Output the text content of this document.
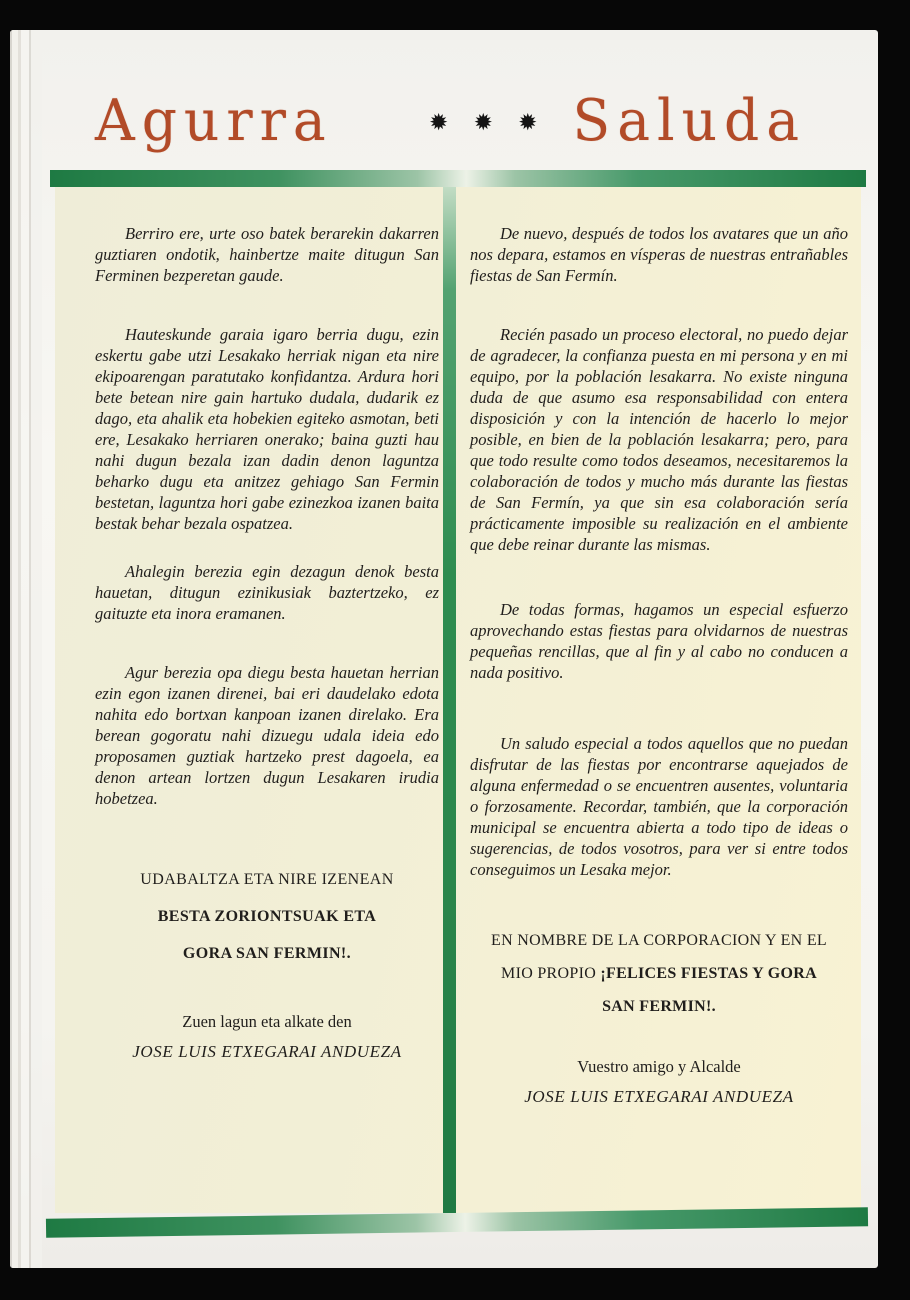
Agurra	✹ ✹ ✹ Saluda

Berriro ere, urte oso batek berarekin dakarren guztiaren ondotik, hainbertze maite ditugun San Ferminen bezperetan gaude.

Hauteskunde garaia igaro berria dugu, ezin eskertu gabe utzi Lesakako herriak nigan eta nire ekipoarengan paratutako konfidantza. Ardura hori bete betean nire gain hartuko dudala, dudarik ez dago, eta ahalik eta hobekien egiteko asmotan, beti ere, Lesakako herriaren onerako; baina guzti hau nahi dugun bezala izan dadin denon laguntza beharko dugu eta anitzez gehiago San Fermin bestetan, laguntza hori gabe ezinezkoa izanen baita bestak behar bezala ospatzea.

Ahalegin berezia egin dezagun denok besta hauetan, ditugun ezinikusiak baztertzeko, ez gaituzte eta inora eramanen.

Agur berezia opa diegu besta hauetan herrian ezin egon izanen direnei, bai eri daudelako edota nahita edo bortxan kanpoan izanen direlako. Era berean gogoratu nahi dizuegu udala ideia edo proposamen guztiak hartzeko prest dagoela, ea denon artean lortzen dugun Lesakaren irudia hobetzea.

UDABALTZA ETA NIRE IZENEAN
BESTA ZORIONTSUAK ETA
GORA SAN FERMIN!.
Zuen lagun eta alkate den
JOSE LUIS ETXEGARAI ANDUEZA

De nuevo, después de todos los avatares que un año nos depara, estamos en vísperas de nuestras entrañables fiestas de San Fermín.

Recién pasado un proceso electoral, no puedo dejar de agradecer, la confianza puesta en mi persona y en mi equipo, por la población lesakarra. No existe ninguna duda de que asumo esa responsabilidad con entera disposición y con la intención de hacerlo lo mejor posible, en bien de la población lesakarra; pero, para que todo resulte como todos deseamos, necesitaremos la colaboración de todos y mucho más durante las fiestas de San Fermín, ya que sin esa colaboración sería prácticamente imposible su realización en el ambiente que debe reinar durante las mismas.

De todas formas, hagamos un especial esfuerzo aprovechando estas fiestas para olvidarnos de nuestras pequeñas rencillas, que al fin y al cabo no conducen a nada positivo.

Un saludo especial a todos aquellos que no puedan disfrutar de las fiestas por encontrarse aquejados de alguna enfermedad o se encuentren ausentes, voluntaria o forzosamente. Recordar, también, que la corporación municipal se encuentra abierta a todo tipo de ideas o sugerencias, de todos vosotros, para ver si entre todos conseguimos un Lesaka mejor.

EN NOMBRE DE LA CORPORACION Y EN EL MIO PROPIO ¡FELICES FIESTAS Y GORA SAN FERMIN!.

Vuestro amigo y Alcalde
JOSE LUIS ETXEGARAI ANDUEZA
